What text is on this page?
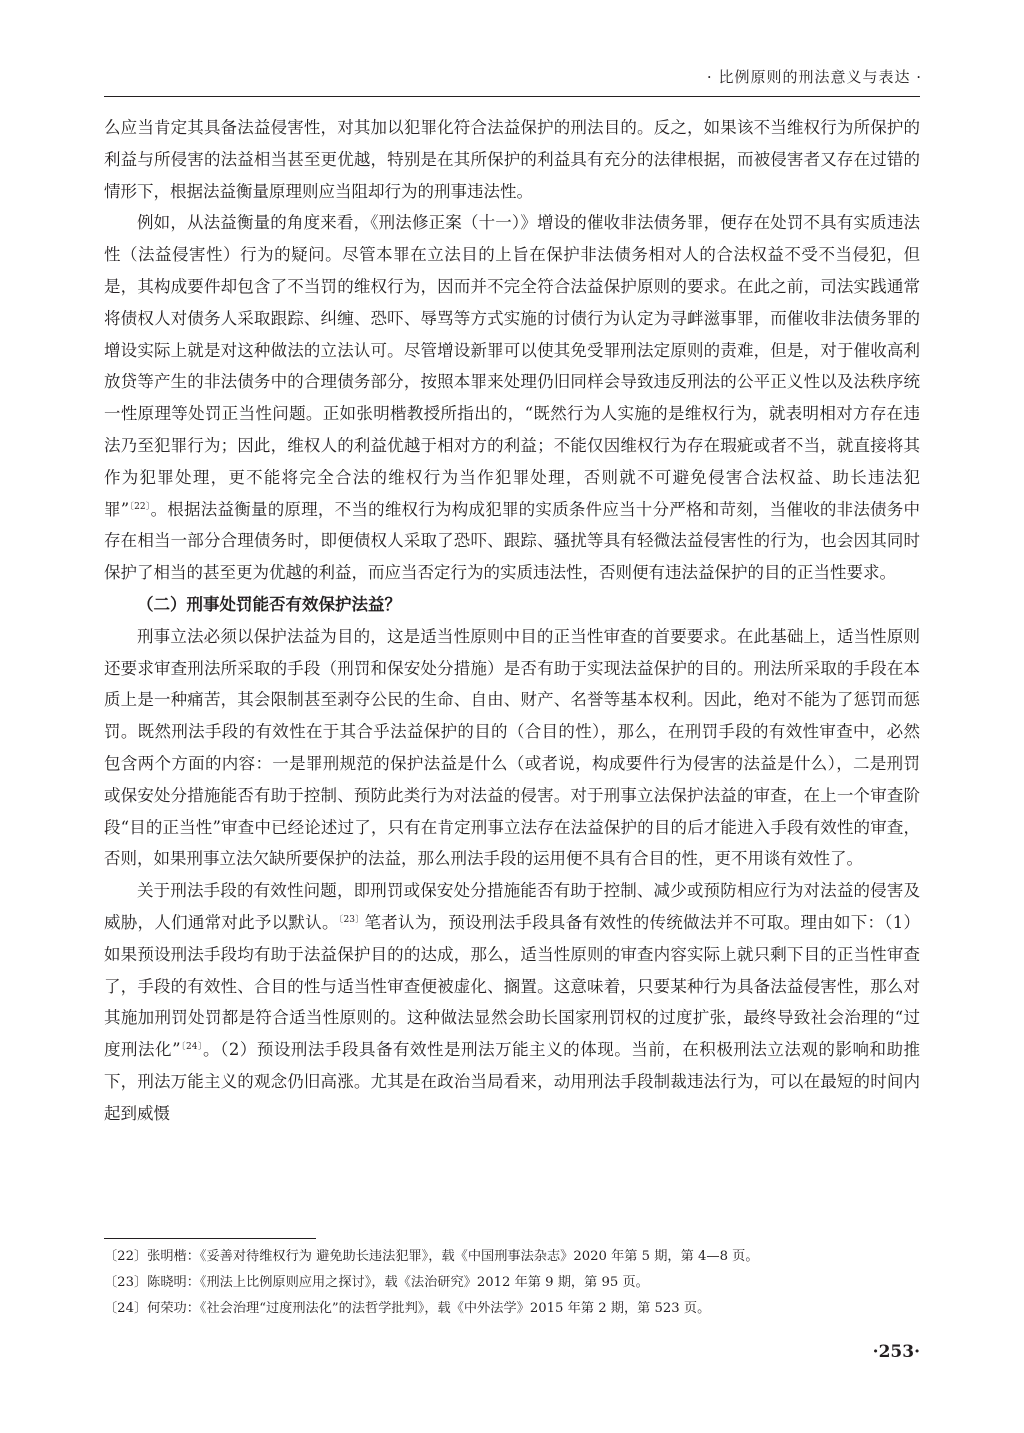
· 比例原则的刑法意义与表达 ·

么应当肯定其具备法益侵害性，对其加以犯罪化符合法益保护的刑法目的。反之，如果该不当维权行为所保护的利益与所侵害的法益相当甚至更优越，特别是在其所保护的利益具有充分的法律根据，而被侵害者又存在过错的情形下，根据法益衡量原理则应当阻却行为的刑事违法性。

例如，从法益衡量的角度来看，《刑法修正案（十一）》增设的催收非法债务罪，便存在处罚不具有实质违法性（法益侵害性）行为的疑问。尽管本罪在立法目的上旨在保护非法债务相对人的合法权益不受不当侵犯，但是，其构成要件却包含了不当罚的维权行为，因而并不完全符合法益保护原则的要求。在此之前，司法实践通常将债权人对债务人采取跟踪、纠缠、恐吓、辱骂等方式实施的讨债行为认定为寻衅滋事罪，而催收非法债务罪的增设实际上就是对这种做法的立法认可。尽管增设新罪可以使其免受罪刑法定原则的责难，但是，对于催收高利放贷等产生的非法债务中的合理债务部分，按照本罪来处理仍旧同样会导致违反刑法的公平正义性以及法秩序统一性原理等处罚正当性问题。正如张明楷教授所指出的，“既然行为人实施的是维权行为，就表明相对方存在违法乃至犯罪行为；因此，维权人的利益优越于相对方的利益；不能仅因维权行为存在瑕疵或者不当，就直接将其作为犯罪处理，更不能将完全合法的维权行为当作犯罪处理，否则就不可避免侵害合法权益、助长违法犯罪”$^{〔22〕}$。根据法益衡量的原理，不当的维权行为构成犯罪的实质条件应当十分严格和苛刻，当催收的非法债务中存在相当一部分合理债务时，即便债权人采取了恐吓、跟踪、骚扰等具有轻微法益侵害性的行为，也会因其同时保护了相当的甚至更为优越的利益，而应当否定行为的实质违法性，否则便有违法益保护的目的正当性要求。

（二）刑事处罚能否有效保护法益？

刑事立法必须以保护法益为目的，这是适当性原则中目的正当性审查的首要要求。在此基础上，适当性原则还要求审查刑法所采取的手段（刑罚和保安处分措施）是否有助于实现法益保护的目的。刑法所采取的手段在本质上是一种痛苦，其会限制甚至剥夺公民的生命、自由、财产、名誉等基本权利。因此，绝对不能为了惩罚而惩罚。既然刑法手段的有效性在于其合乎法益保护的目的（合目的性），那么，在刑罚手段的有效性审查中，必然包含两个方面的内容：一是罪刑规范的保护法益是什么（或者说，构成要件行为侵害的法益是什么），二是刑罚或保安处分措施能否有助于控制、预防此类行为对法益的侵害。对于刑事立法保护法益的审查，在上一个审查阶段“目的正当性”审查中已经论述过了，只有在肯定刑事立法存在法益保护的目的后才能进入手段有效性的审查，否则，如果刑事立法欠缺所要保护的法益，那么刑法手段的运用便不具有合目的性，更不用谈有效性了。

关于刑法手段的有效性问题，即刑罚或保安处分措施能否有助于控制、减少或预防相应行为对法益的侵害及威胁，人们通常对此予以默认。$^{〔23〕}$笔者认为，预设刑法手段具备有效性的传统做法并不可取。理由如下：（1）如果预设刑法手段均有助于法益保护目的的达成，那么，适当性原则的审查内容实际上就只剩下目的正当性审查了，手段的有效性、合目的性与适当性审查便被虚化、搁置。这意味着，只要某种行为具备法益侵害性，那么对其施加刑罚处罚都是符合适当性原则的。这种做法显然会助长国家刑罚权的过度扩张，最终导致社会治理的“过度刑法化”$^{〔24〕}$。（2）预设刑法手段具备有效性是刑法万能主义的体现。当前，在积极刑法立法观的影响和助推下，刑法万能主义的观念仍旧高涨。尤其是在政治当局看来，动用刑法手段制裁违法行为，可以在最短的时间内起到威慑

〔22〕张明楷：《妥善对待维权行为 避免助长违法犯罪》，载《中国刑事法杂志》2020 年第 5 期，第 4—8 页。

〔23〕陈晓明：《刑法上比例原则应用之探讨》，载《法治研究》2012 年第 9 期，第 95 页。

〔24〕何荣功：《社会治理“过度刑法化”的法哲学批判》，载《中外法学》2015 年第 2 期，第 523 页。

·253·
